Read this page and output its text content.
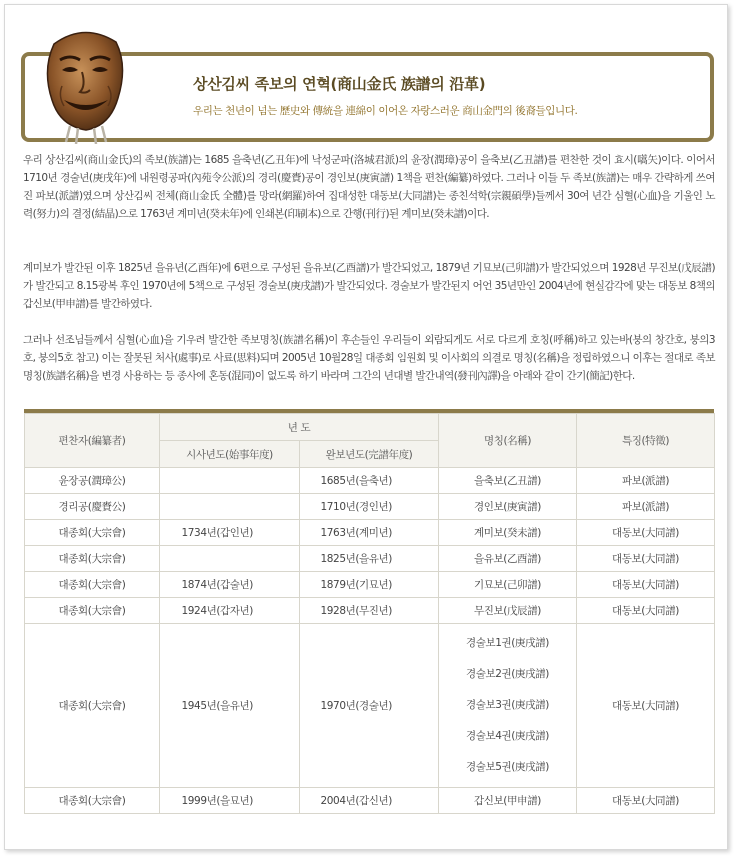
상산김씨 족보의 연혁(商山金氏 族譜의 沿革)
우리는 천년이 넘는 歷史와 傳統을 連綿이 이어온 자랑스러운 商山金門의 後裔들입니다.

우리 상산김씨(商山金氏)의 족보(族譜)는 1685 을축년(乙丑年)에 낙성군파(洛城君派)의 윤장(潤璋)공이 을축보(乙丑譜)를 편찬한 것이 효시(嚆矢)이다. 이어서 1710년 경술년(庚戌年)에 내원령공파(內苑令公派)의 경리(慶賚)공이 경인보(庚寅譜) 1책을 편찬(編纂)하였다. 그러나 이들 두 족보(族譜)는 매우 간략하게 쓰여진 파보(派譜)였으며 상산김씨 전체(商山金氏 全體)를 망라(網羅)하여 집대성한 대동보(大同譜)는 종친석학(宗親碩學)들께서 30여 년간 심혈(心血)을 기울인 노력(努力)의 결정(結晶)으로 1763년 계미년(癸未年)에 인쇄본(印刷本)으로 간행(刊行)된 계미보(癸未譜)이다.

계미보가 발간된 이후 1825년 을유년(乙酉年)에 6편으로 구성된 을유보(乙酉譜)가 발간되었고, 1879년 기묘보(己卯譜)가 발간되었으며 1928년 무진보(戊辰譜)가 발간되고 8.15광복 후인 1970년에 5책으로 구성된 경술보(庚戌譜)가 발간되었다. 경술보가 발간된지 어언 35년만인 2004년에 현실감각에 맞는 대동보 8책의 갑신보(甲申譜)를 발간하였다.

그러나 선조님들께서 심혈(心血)을 기우려 발간한 족보명칭(族譜名稱)이 후손들인 우리들이 외람되게도 서로 다르게 호칭(呼稱)하고 있는바(붕의 창간호, 붕의3호, 붕의5호 참고) 이는 잘못된 처사(處事)로 사료(思料)되며 2005년 10월28일 대종회 임원회 및 이사회의 의결로 명칭(名稱)을 정립하였으니 이후는 절대로 족보명칭(族譜名稱)을 변경 사용하는 등 종사에 혼동(混同)이 없도록 하기 바라며 그간의 년대별 발간내역(發刊內譯)을 아래와 같이 간기(簡記)한다.

편찬자(編纂者)	년 도		명칭(名稱)	특징(特徵)
	시사년도(始事年度)	완보년도(完譜年度)		
윤장공(潤璋公)		1685년(을축년)	을축보(乙丑譜)	파보(派譜)
경리공(慶賚公)		1710년(경인년)	경인보(庚寅譜)	파보(派譜)
대종회(大宗會)	1734년(갑인년)	1763년(계미년)	계미보(癸未譜)	대동보(大同譜)
대종회(大宗會)		1825년(을유년)	을유보(乙酉譜)	대동보(大同譜)
대종회(大宗會)	1874년(갑술년)	1879년(기묘년)	기묘보(己卯譜)	대동보(大同譜)
대종회(大宗會)	1924년(갑자년)	1928년(무진년)	무진보(戊辰譜)	대동보(大同譜)
대종회(大宗會)	1945년(을유년)	1970년(경술년)	경술보1권(庚戌譜)
경술보2권(庚戌譜)
경술보3권(庚戌譜)
경술보4권(庚戌譜)
경술보5권(庚戌譜)	대동보(大同譜)
대종회(大宗會)	1999년(을묘년)	2004년(갑신년)	갑신보(甲申譜)	대동보(大同譜)
